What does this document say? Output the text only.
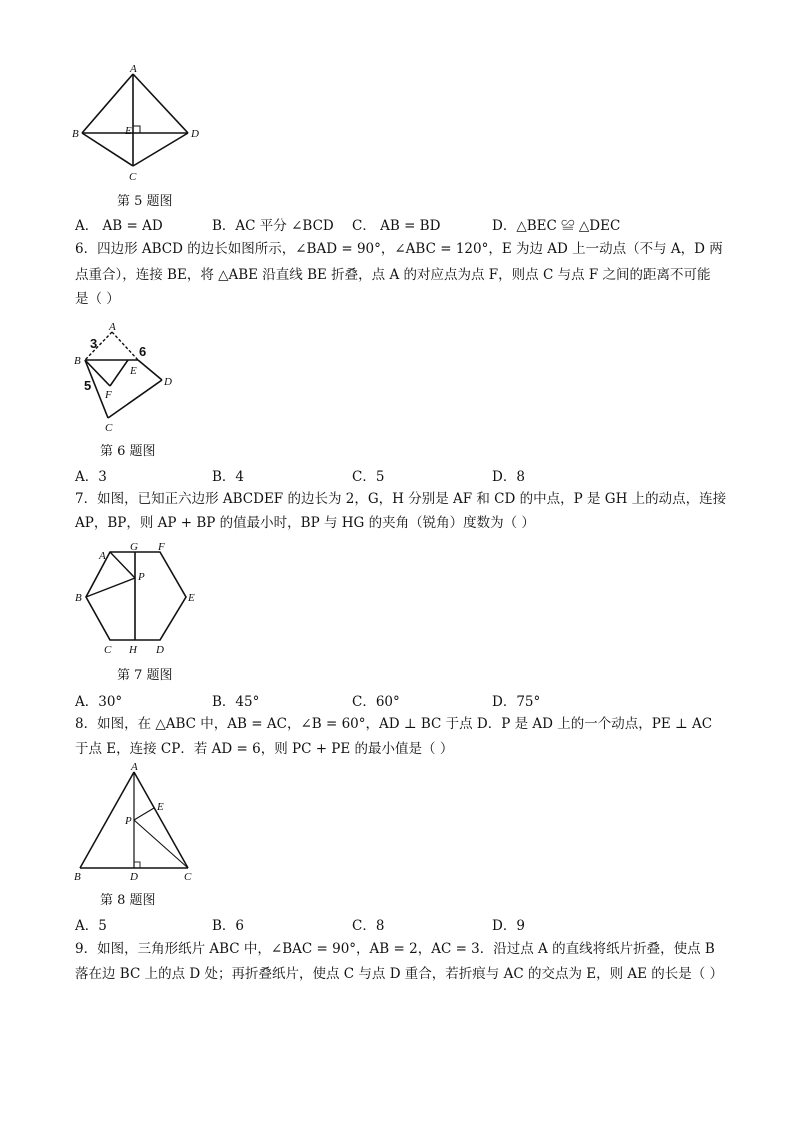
A
B	D
E
C
第 5 题图
A． AB = AD	B．AC 平分 ∠BCD C． AB = BD	D．△BEC ≌ △DEC
6．四边形 ABCD 的边长如图所示，∠BAD = 90°，∠ABC = 120°，E 为边 AD 上一动点（不与 A，D 两
点重合），连接 BE，将 △ABE 沿直线 BE 折叠，点 A 的对应点为点 F，则点 C 与点 F 之间的距离不可能
是（ ）
A
3
6
B
E
5	D
F
C
第 6 题图
A．3	B．4	C．5	D．8
7．如图，已知正六边形 ABCDEF 的边长为 2，G，H 分别是 AF 和 CD 的中点，P 是 GH 上的动点，连接
AP，BP，则 AP + BP 的值最小时，BP 与 HG 的夹角（锐角）度数为（ ）
A
G F
P
B	E
C H D
第 7 题图
A．30°	B．45°	C．60°	D．75°
8．如图，在 △ABC 中，AB = AC，∠B = 60°，AD ⊥ BC 于点 D．P 是 AD 上的一个动点，PE ⊥ AC
于点 E，连接 CP．若 AD = 6，则 PC + PE 的最小值是（ ）
A
E
P
B	D	C
第 8 题图
A．5	B．6	C．8	D．9
9．如图，三角形纸片 ABC 中，∠BAC = 90°，AB = 2，AC = 3．沿过点 A 的直线将纸片折叠，使点 B
落在边 BC 上的点 D 处；再折叠纸片，使点 C 与点 D 重合，若折痕与 AC 的交点为 E，则 AE 的长是（ ）
